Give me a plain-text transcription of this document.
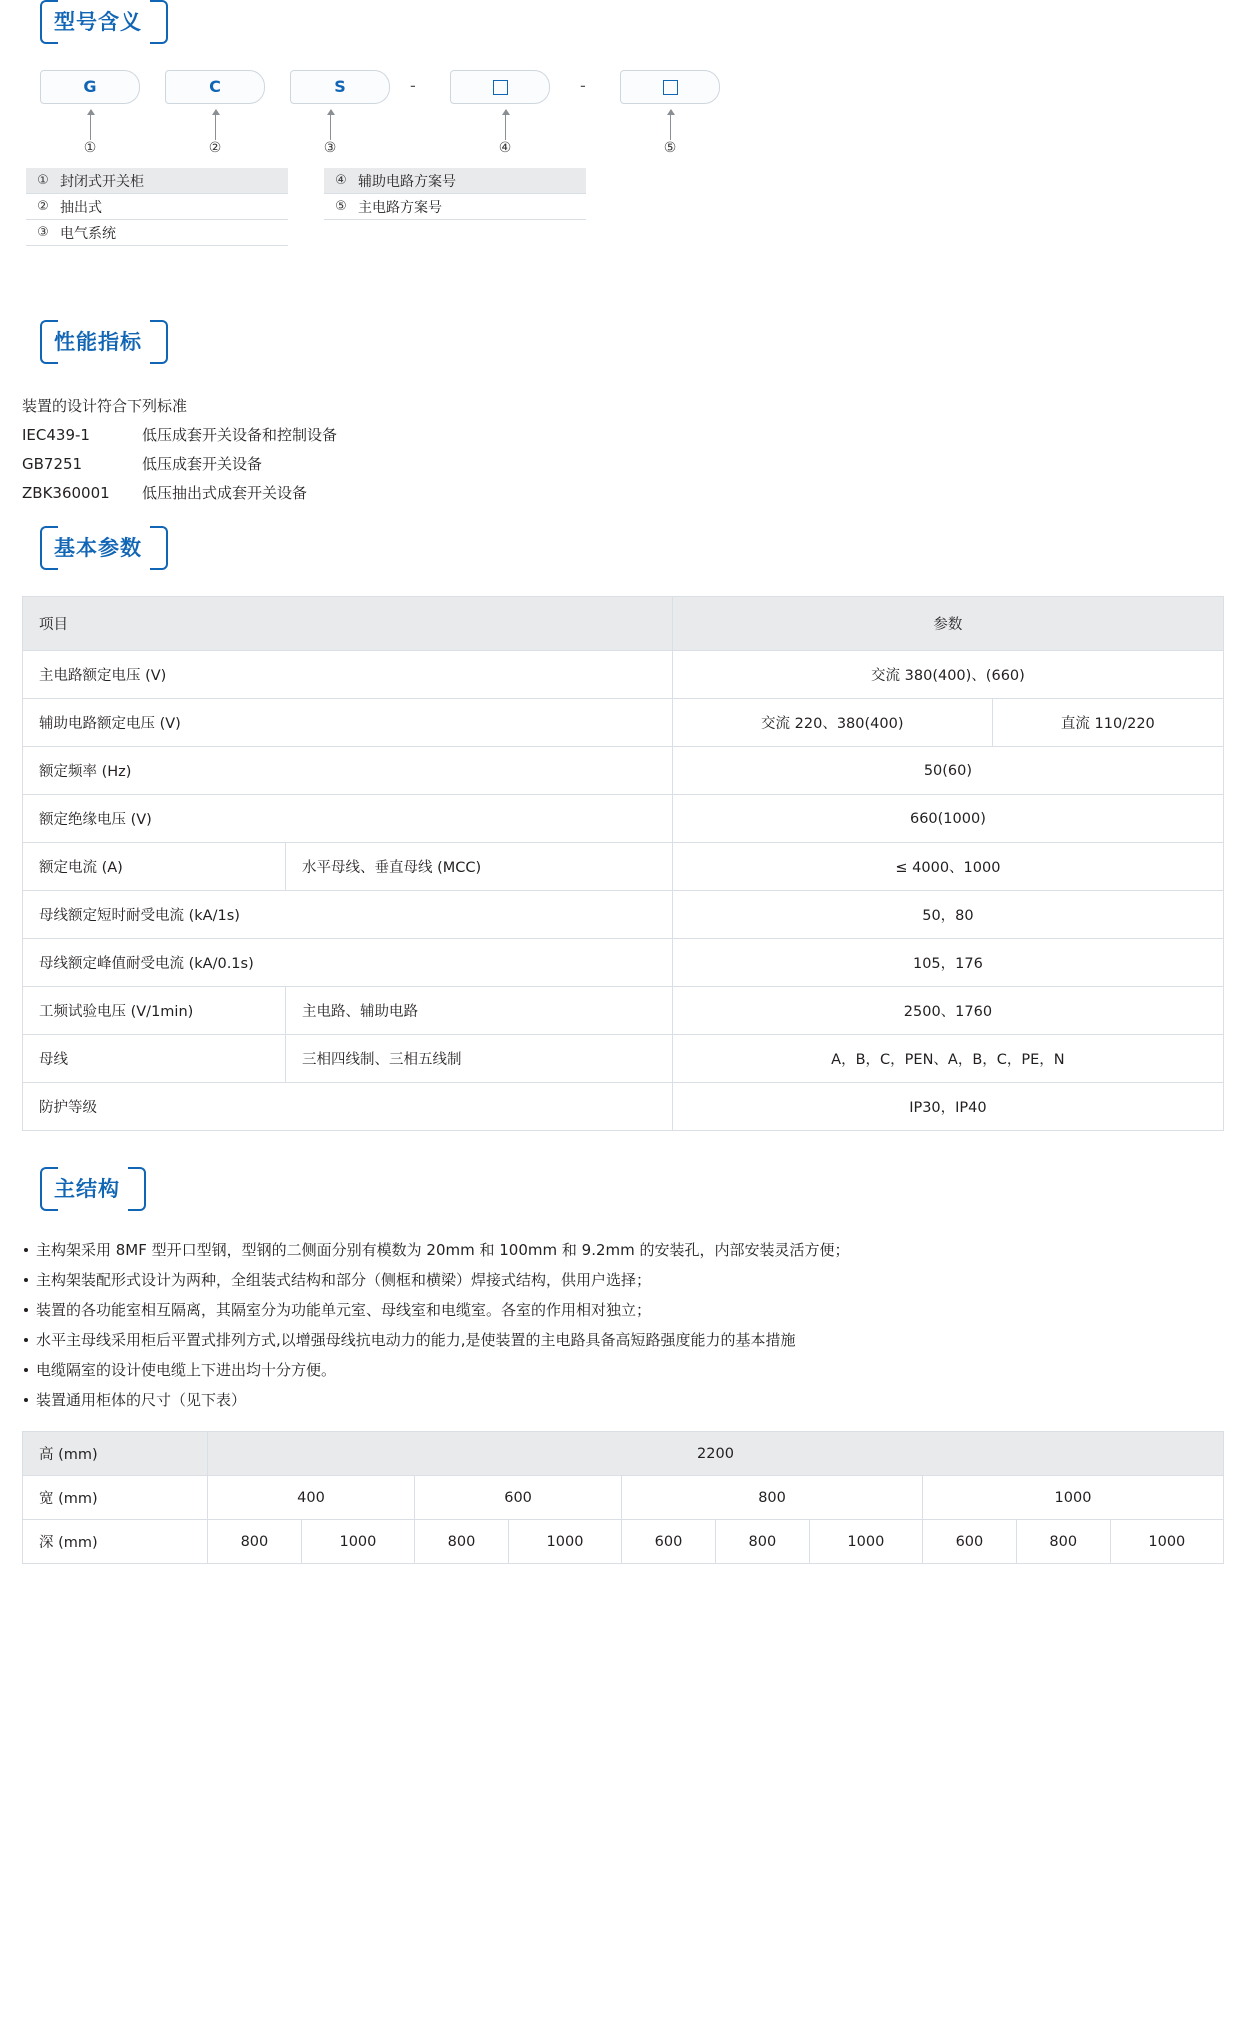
型号含义
G	C	S	-	-
①	②	③	④	⑤
① 封闭式开关柜
② 抽出式
③ 电气系统
④ 辅助电路方案号
⑤ 主电路方案号
性能指标
装置的设计符合下列标准
IEC439-1	低压成套开关设备和控制设备
GB7251	低压成套开关设备
ZBK360001 低压抽出式成套开关设备
基本参数
项目		参数	
主电路额定电压 (V)		交流 380(400)、(660)	
辅助电路额定电压 (V)		交流 220、380(400)	直流 110/220
额定频率 (Hz)		50(60)	
额定绝缘电压 (V)		660(1000)	
额定电流 (A)	水平母线、垂直母线 (MCC)	≤ 4000、1000	
母线额定短时耐受电流 (kA/1s)		50，80	
母线额定峰值耐受电流 (kA/0.1s)		105，176	
工频试验电压 (V/1min)	主电路、辅助电路	2500、1760	
母线	三相四线制、三相五线制	A，B，C，PEN、A，B，C，PE，N	
防护等级		IP30，IP40	
主结构
主构架采用 8MF 型开口型钢，型钢的二侧面分别有模数为 20mm 和 100mm 和 9.2mm 的安装孔，内部安装灵活方便；
主构架装配形式设计为两种，全组装式结构和部分（侧框和横梁）焊接式结构，供用户选择；
装置的各功能室相互隔离，其隔室分为功能单元室、母线室和电缆室。各室的作用相对独立；
水平主母线采用柜后平置式排列方式,以增强母线抗电动力的能力,是使装置的主电路具备高短路强度能力的基本措施
电缆隔室的设计使电缆上下进出均十分方便。
装置通用柜体的尺寸（见下表）
高 (mm)	2200									
宽 (mm)	400		600		800			1000		
深 (mm)	800	1000	800	1000	600	800	1000	600	800	1000
